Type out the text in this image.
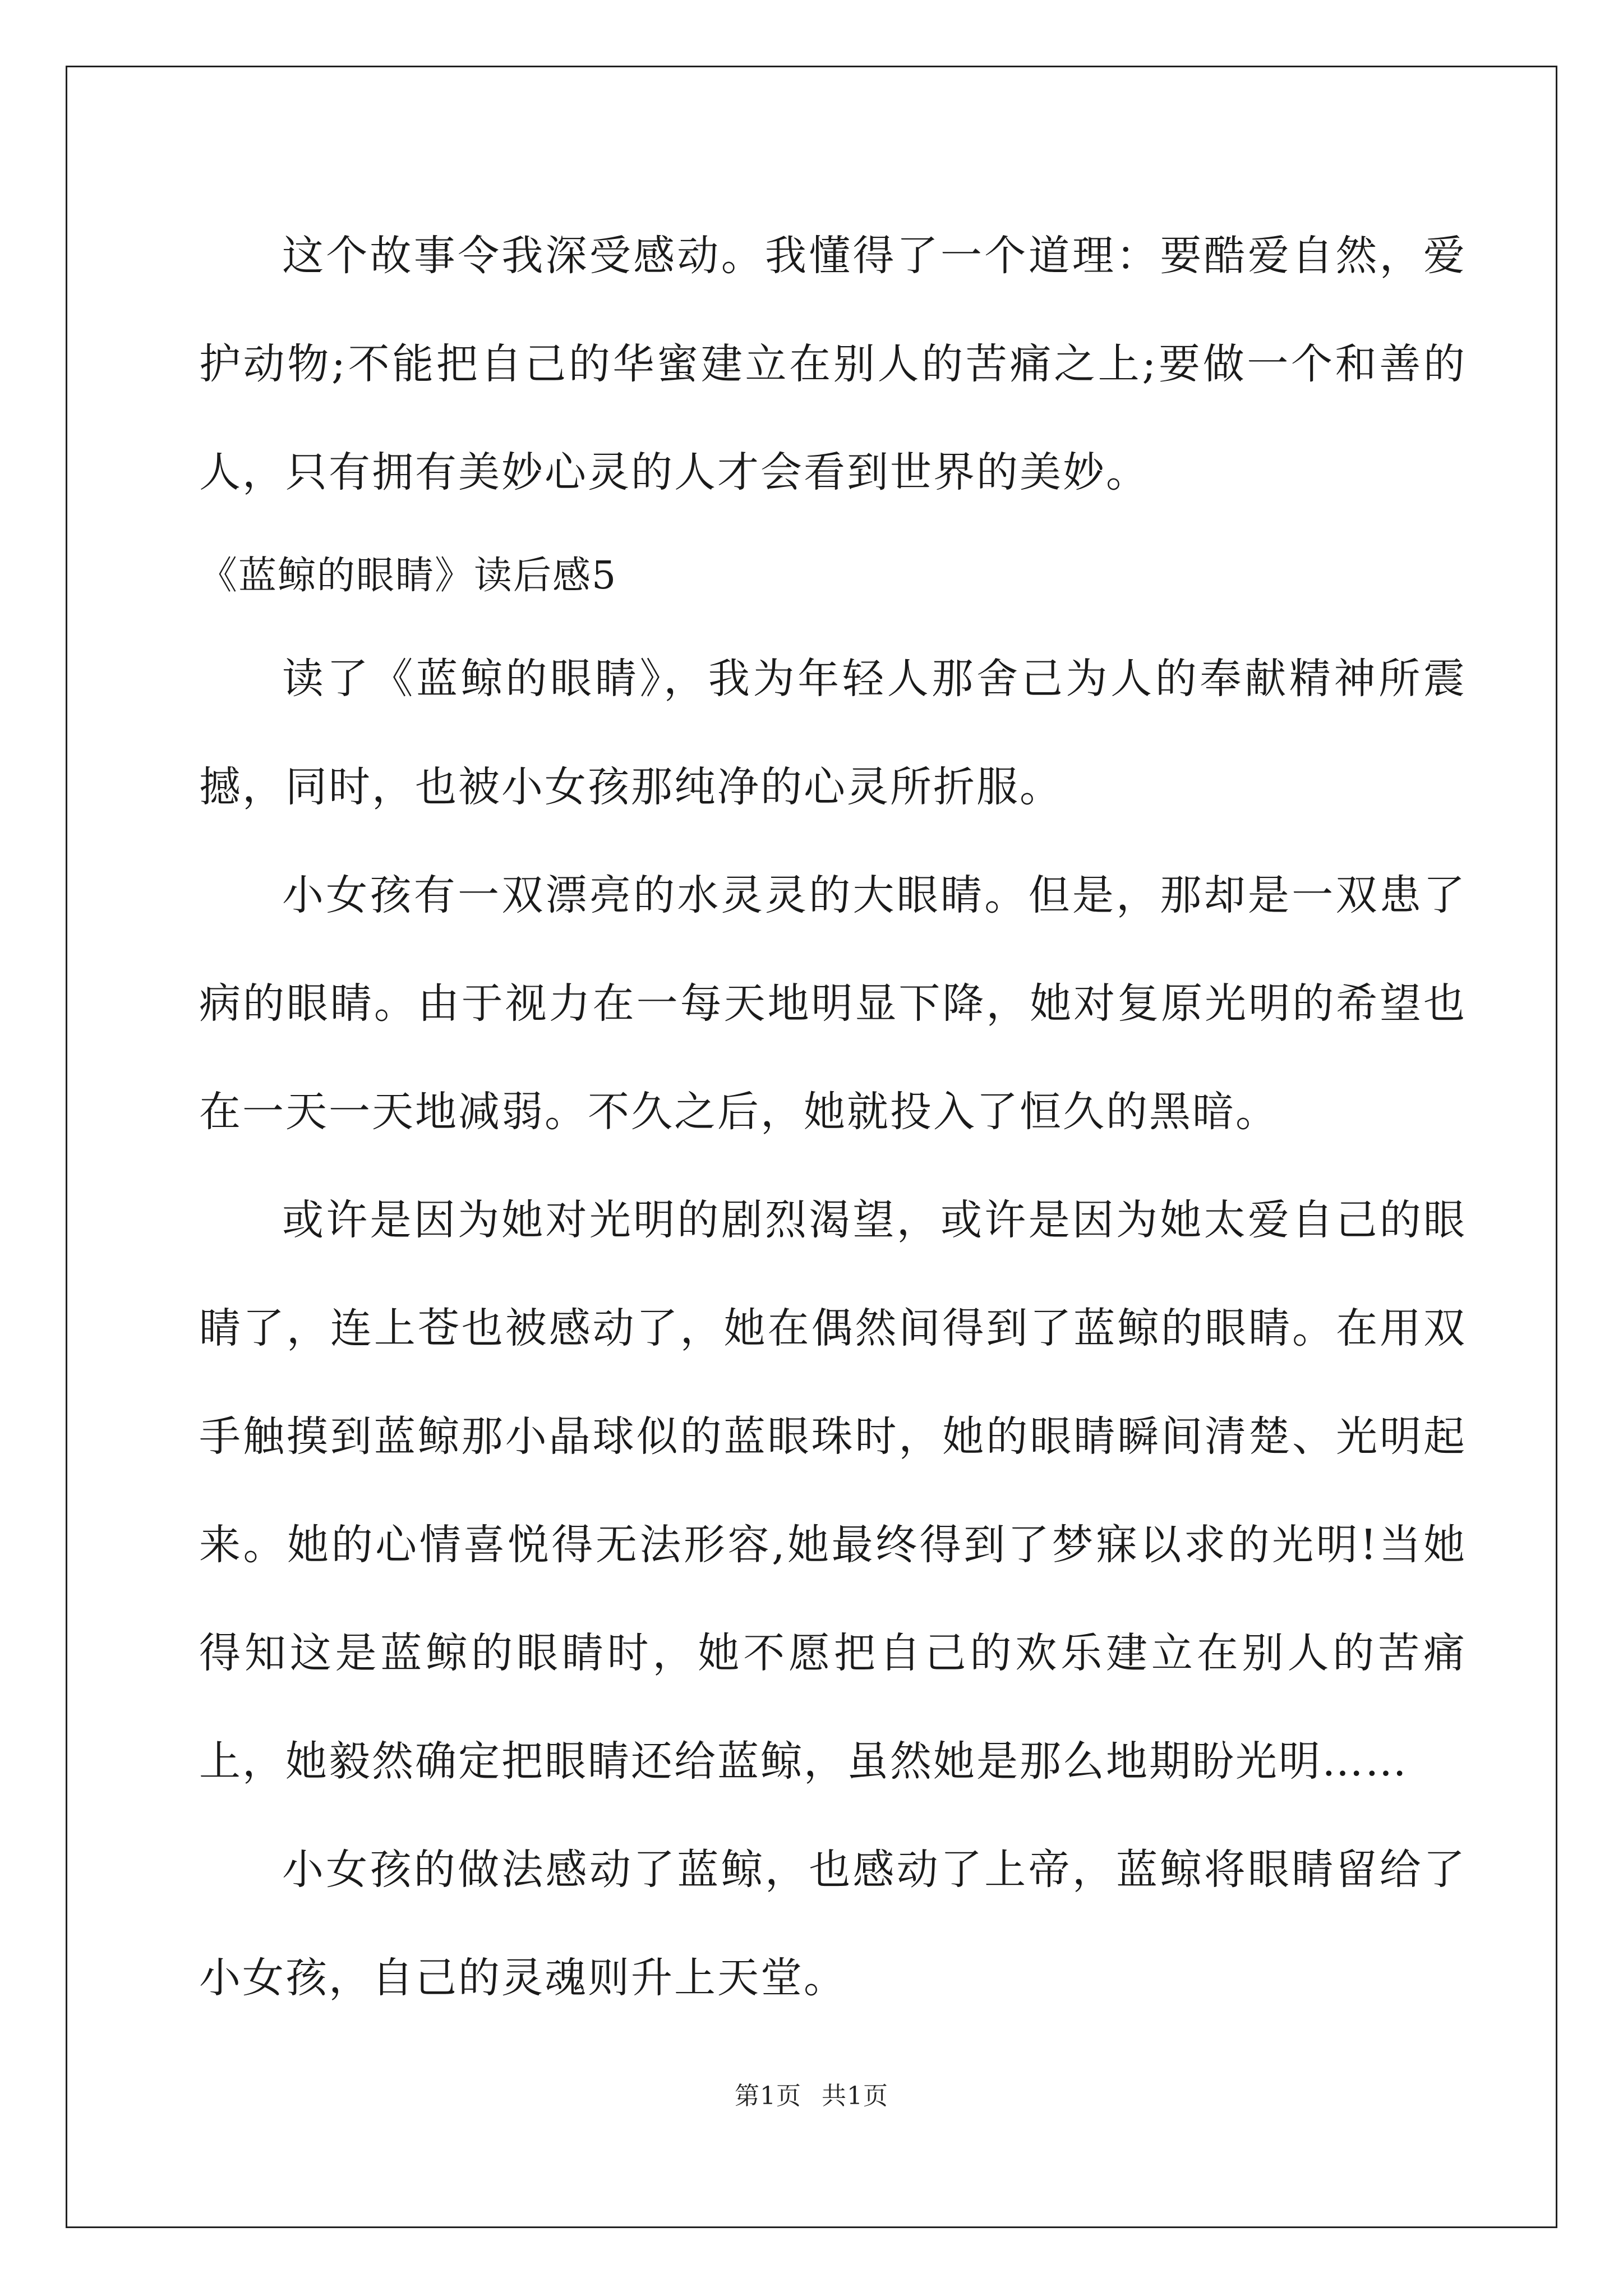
这个故事令我深受感动。我懂得了一个道理：要酷爱自然，爱护动物;不能把自己的华蜜建立在别人的苦痛之上;要做一个和善的人，只有拥有美妙心灵的人才会看到世界的美妙。

《蓝鲸的眼睛》读后感5

读了《蓝鲸的眼睛》，我为年轻人那舍己为人的奉献精神所震撼，同时，也被小女孩那纯净的心灵所折服。

小女孩有一双漂亮的水灵灵的大眼睛。但是，那却是一双患了病的眼睛。由于视力在一每天地明显下降，她对复原光明的希望也在一天一天地减弱。不久之后，她就投入了恒久的黑暗。

或许是因为她对光明的剧烈渴望，或许是因为她太爱自己的眼睛了，连上苍也被感动了，她在偶然间得到了蓝鲸的眼睛。在用双手触摸到蓝鲸那小晶球似的蓝眼珠时，她的眼睛瞬间清楚、光明起来。她的心情喜悦得无法形容,她最终得到了梦寐以求的光明!当她得知这是蓝鲸的眼睛时，她不愿把自己的欢乐建立在别人的苦痛上，她毅然确定把眼睛还给蓝鲸，虽然她是那么地期盼光明……

小女孩的做法感动了蓝鲸，也感动了上帝，蓝鲸将眼睛留给了小女孩，自己的灵魂则升上天堂。

第1页 共1页
